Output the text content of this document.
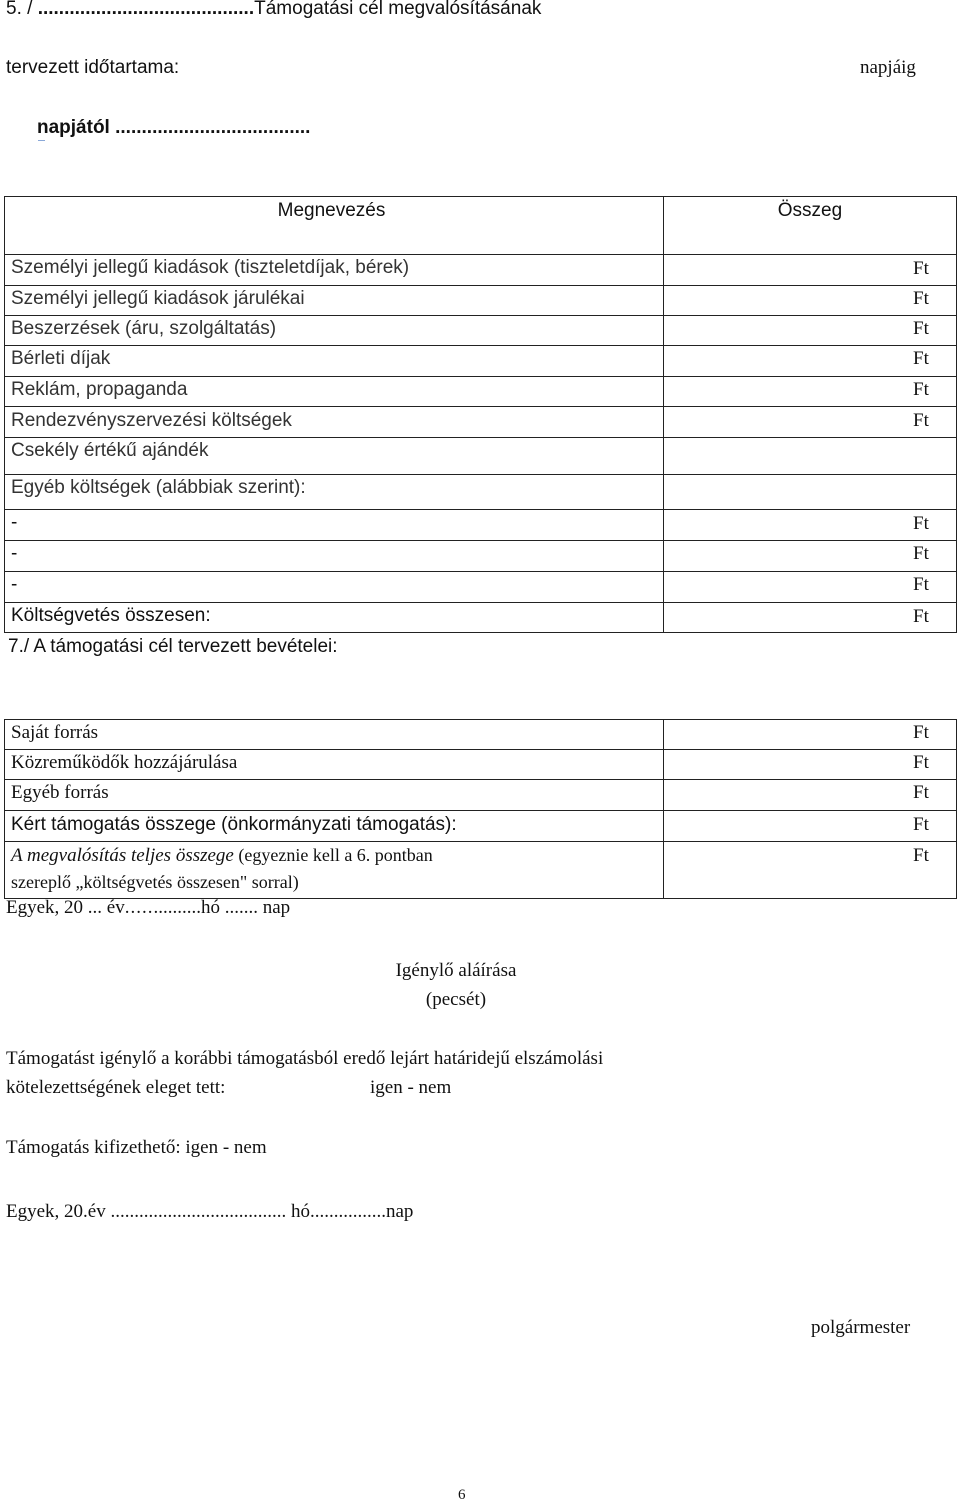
5. / .........................................Támogatási cél megvalósításának
tervezett időtartama:	napjáig
napjától .....................................
Megnevezés	Összeg
Személyi jellegű kiadások (tiszteletdíjak, bérek)	Ft
Személyi jellegű kiadások járulékai	Ft
Beszerzések (áru, szolgáltatás)	Ft
Bérleti díjak	Ft
Reklám, propaganda	Ft
Rendezvényszervezési költségek	Ft
Csekély értékű ajándék
Egyéb költségek (alábbiak szerint):
-	Ft
-	Ft
-	Ft
Költségvetés összesen:	Ft
7./ A támogatási cél tervezett bevételei:
Saját forrás	Ft
Közreműködők hozzájárulása	Ft
Egyéb forrás	Ft
Kért támogatás összege (önkormányzati támogatás):	Ft
A megvalósítás teljes összege (egyeznie kell a 6. pontban
szereplő „költségvetés összesen" sorral)
Ft
Egyek, 20 ... év...............hó ....... nap
Igénylő aláírása
(pecsét)
Támogatást igénylő a korábbi támogatásból eredő lejárt határidejű elszámolási
kötelezettségének eleget tett:	igen - nem
Támogatás kifizethető: igen - nem
Egyek, 20.év ..................................... hó................nap
polgármester
6
